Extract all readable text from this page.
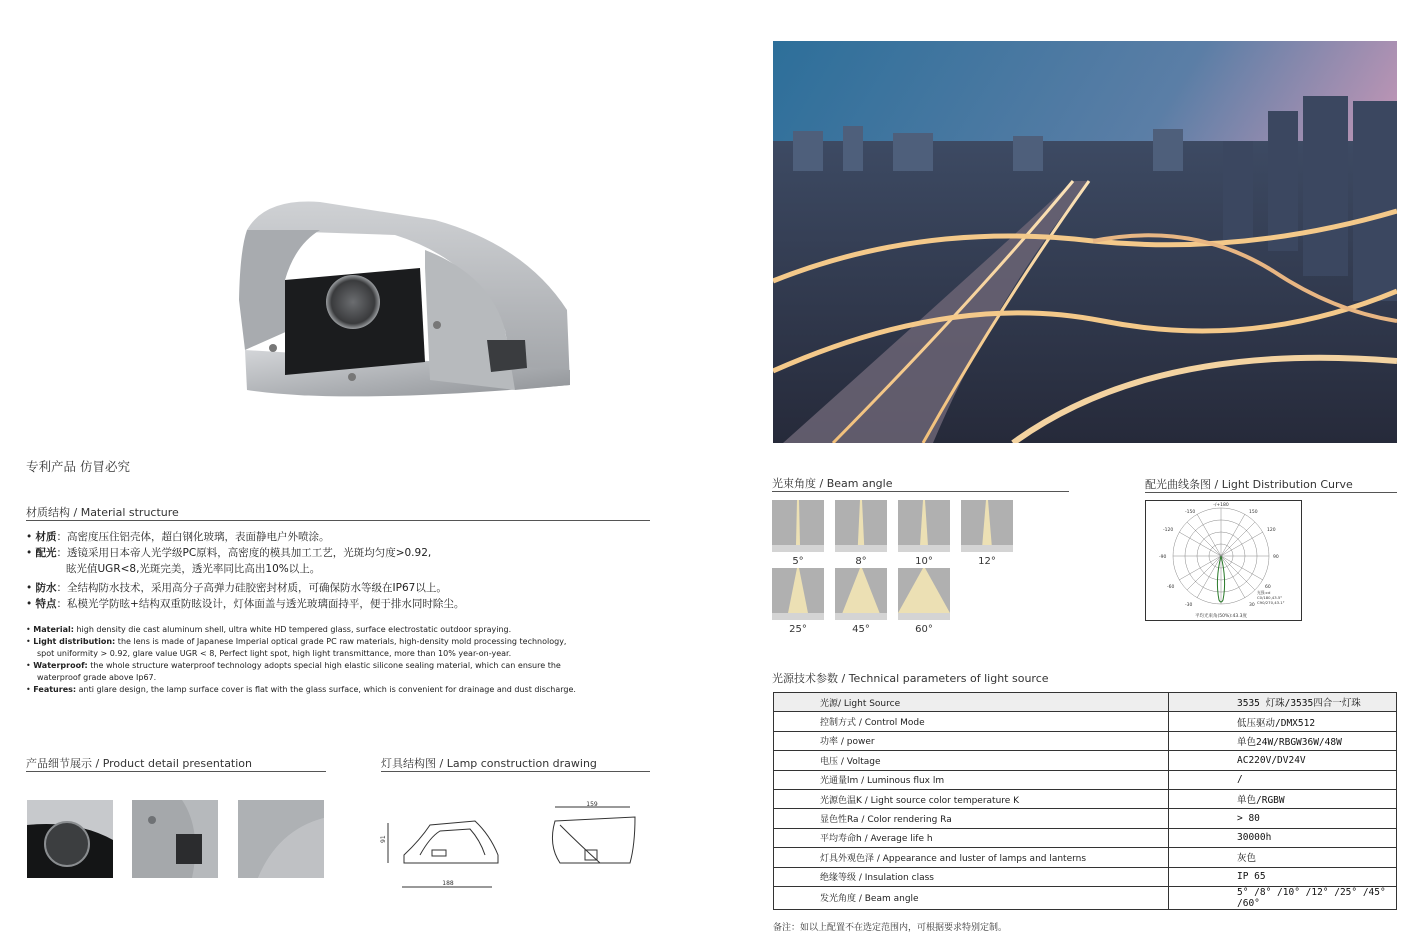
专利产品 仿冒必究
材质结构 / Material structure
• 材质：高密度压住铝壳体，超白钢化玻璃，表面静电户外喷涂。
• 配光：透镜采用日本帝人光学级PC原料，高密度的模具加工工艺，光斑均匀度>0.92,
眩光值UGR<8,光斑完美，透光率同比高出10%以上。
• 防水：全结构防水技术，采用高分子高弹力硅胶密封材质，可确保防水等级在IP67以上。
• 特点：私模光学防眩+结构双重防眩设计，灯体面盖与透光玻璃面持平，便于排水同时除尘。
• Material: high density die cast aluminum shell, ultra white HD tempered glass, surface electrostatic outdoor spraying.
• Light distribution: the lens is made of Japanese Imperial optical grade PC raw materials, high-density mold processing technology,
spot uniformity > 0.92, glare value UGR < 8, Perfect light spot, high light transmittance, more than 10% year-on-year.
• Waterproof: the whole structure waterproof technology adopts special high elastic silicone sealing material, which can ensure the
waterproof grade above Ip67.
• Features: anti glare design, the lamp surface cover is flat with the glass surface, which is convenient for drainage and dust discharge.
产品细节展示 / Product detail presentation	灯具结构图 / Lamp construction drawing
188
91
159
光束角度 / Beam angle
5°	8°	10°	12°
25°	45°	60°
配光曲线条图 / Light Distribution Curve
-/+180
-150	150
-120	120
-90	90
-60	60
-30	30
光强:cd
C0/180,43.5°
C90/270,43.1°
平均光束角(50%):43.3度
光源技术参数 / Technical parameters of light source
光源/ Light Source	3535 灯珠/3535四合一灯珠
控制方式 / Control Mode	低压驱动/DMX512
功率 / power	单色24W/RBGW36W/48W
电压 / Voltage	AC220V/DV24V
光通量lm / Luminous flux lm	/
光源色温K / Light source color temperature K	单色/RGBW
显色性Ra / Color rendering Ra	> 80
平均寿命h / Average life h	30000h
灯具外观色泽 / Appearance and luster of lamps and lanterns	灰色
绝缘等级 / Insulation class	IP 65
发光角度 / Beam angle	5° /8° /10° /12° /25° /45° /60°
备注：如以上配置不在选定范围内，可根据要求特别定制。
